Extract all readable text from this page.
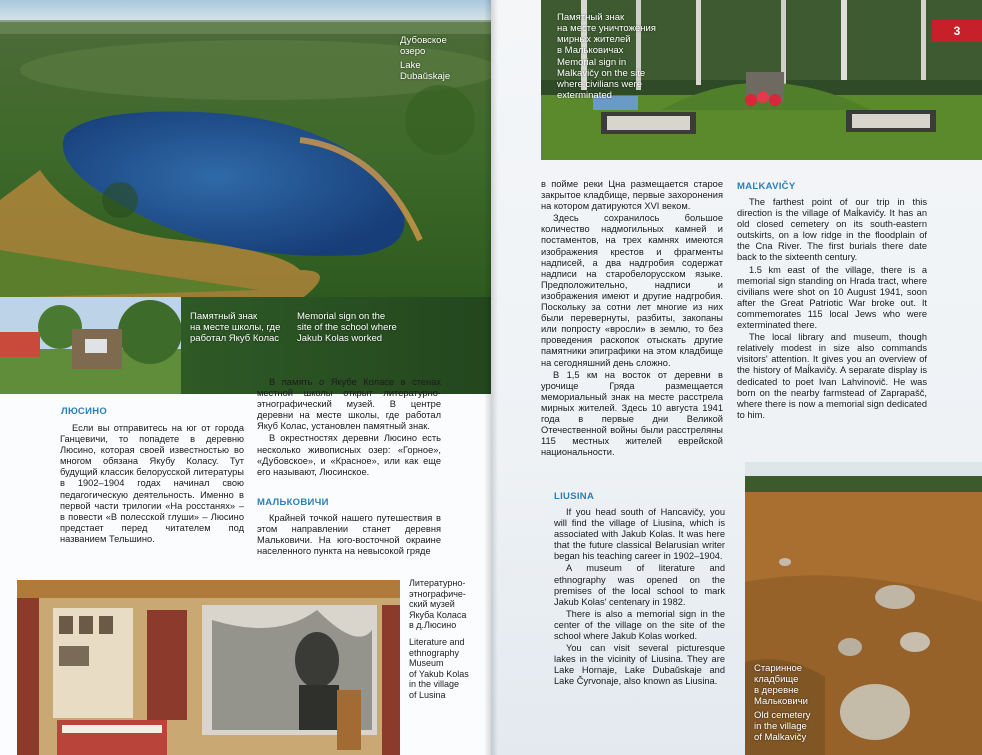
Дубовское
озеро
Lake
Dubaŭskaje
Памятный знак
на месте школы, где
работал Якуб Колас
Memorial sign on the
site of the school where
Jakub Kolas worked
ЛЮСИНО

Если вы отправитесь на юг от города Ганцевичи, то попадете в деревню Люсино, которая своей известностью во многом обязана Якубу Коласу. Тут будущий классик белорусской литературы в 1902–1904 годах начинал свою педагогическую деятельность. Именно в первой части трилогии «На росстанях» – в повести «В полесской глуши» – Люсино предстает перед читателем под названием Тельшино.

В память о Якубе Коласе в стенах местной школы открыт литературно-этнографический музей. В центре деревни на месте школы, где работал Якуб Колас, установлен памятный знак.

В окрестностях деревни Люсино есть несколько живописных озер: «Горное», «Дубовское», и «Красное», или как еще его называют, Люсинское.

МАЛЬКОВИЧИ

Крайней точкой нашего путешествия в этом направлении станет деревня Мальковичи. На юго-восточной окраине населенного пункта на невысокой гряде

Литературно-
этнографиче-
ский музей
Якуба Коласа
в д.Люсино
Literature and
ethnography
Museum
of Yakub Kolas
in the village
of Lusina
Памятный знак
на месте уничтожения
мирных жителей
в Мальковичах
Memorial sign in
Malkavičy on the site
where civilians were
exterminated
3

в пойме реки Цна размещается старое закрытое кладбище, первые захоронения на котором датируются XVI веком.

Здесь сохранилось большое количество надмогильных камней и постаментов, на трех камнях имеются изображения крестов и фрагменты надписей, а два надгробия содержат надписи на старобелорусском языке. Предположительно, надписи и изображения имеют и другие надгробия. Поскольку за сотни лет многие из них были перевернуты, разбиты, закопаны или попросту «вросли» в землю, то без проведения раскопок отыскать другие памятники эпиграфики на этом кладбище на сегодняшний день сложно.

В 1,5 км на восток от деревни в урочище Гряда размещается мемориальный знак на месте расстрела мирных жителей. Здесь 10 августа 1941 года в первые дни Великой Отечественной войны были расстреляны 115 местных жителей еврейской национальности.

LIUSINA

If you head south of Hancavičy, you will find the village of Liusina, which is associated with Jakub Kolas. It was here that the future classical Belarusian writer began his teaching career in 1902–1904.

A museum of literature and ethnography was opened on the premises of the local school to mark Jakub Kolas' centenary in 1982.

There is also a memorial sign in the center of the village on the site of the school where Jakub Kolas worked.

You can visit several picturesque lakes in the vicinity of Liusina. They are Lake Hornaje, Lake Dubaŭskaje and Lake Čyrvonaje, also known as Liusina.

MAĽKAVIČY

The farthest point of our trip in this direction is the village of Maĺkavičy. It has an old closed cemetery on its south-eastern outskirts, on a low ridge in the floodplain of the Cna River. The first burials there date back to the sixteenth century.

1.5 km east of the village, there is a memorial sign standing on Hrada tract, where civilians were shot on 10 August 1941, soon after the Great Patriotic War broke out. It commemorates 115 local Jews who were exterminated there.

The local library and museum, though relatively modest in size also commands visitors' attention. It gives you an overview of the history of Maĺkavičy. A separate display is dedicated to poet Ivan Lahvinovič. He was born on the nearby farmstead of Zaprapašč, where there is now a memorial sign dedicated to him.

Старинное
кладбище
в деревне
Мальковичи
Old cemetery
in the village
of Malkavičy
